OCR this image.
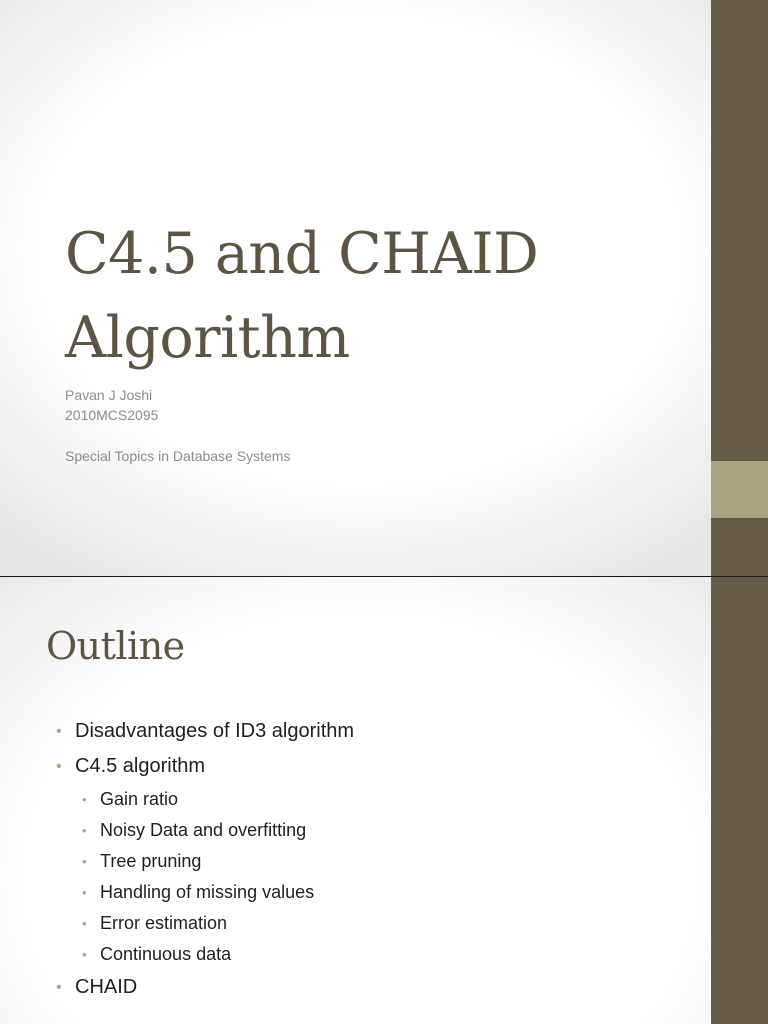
C4.5 and CHAID
Algorithm
Pavan J Joshi
2010MCS2095
Special Topics in Database Systems
Outline
• Disadvantages of ID3 algorithm
• C4.5 algorithm
• Gain ratio
• Noisy Data and overfitting
• Tree pruning
• Handling of missing values
• Error estimation
• Continuous data
• CHAID
